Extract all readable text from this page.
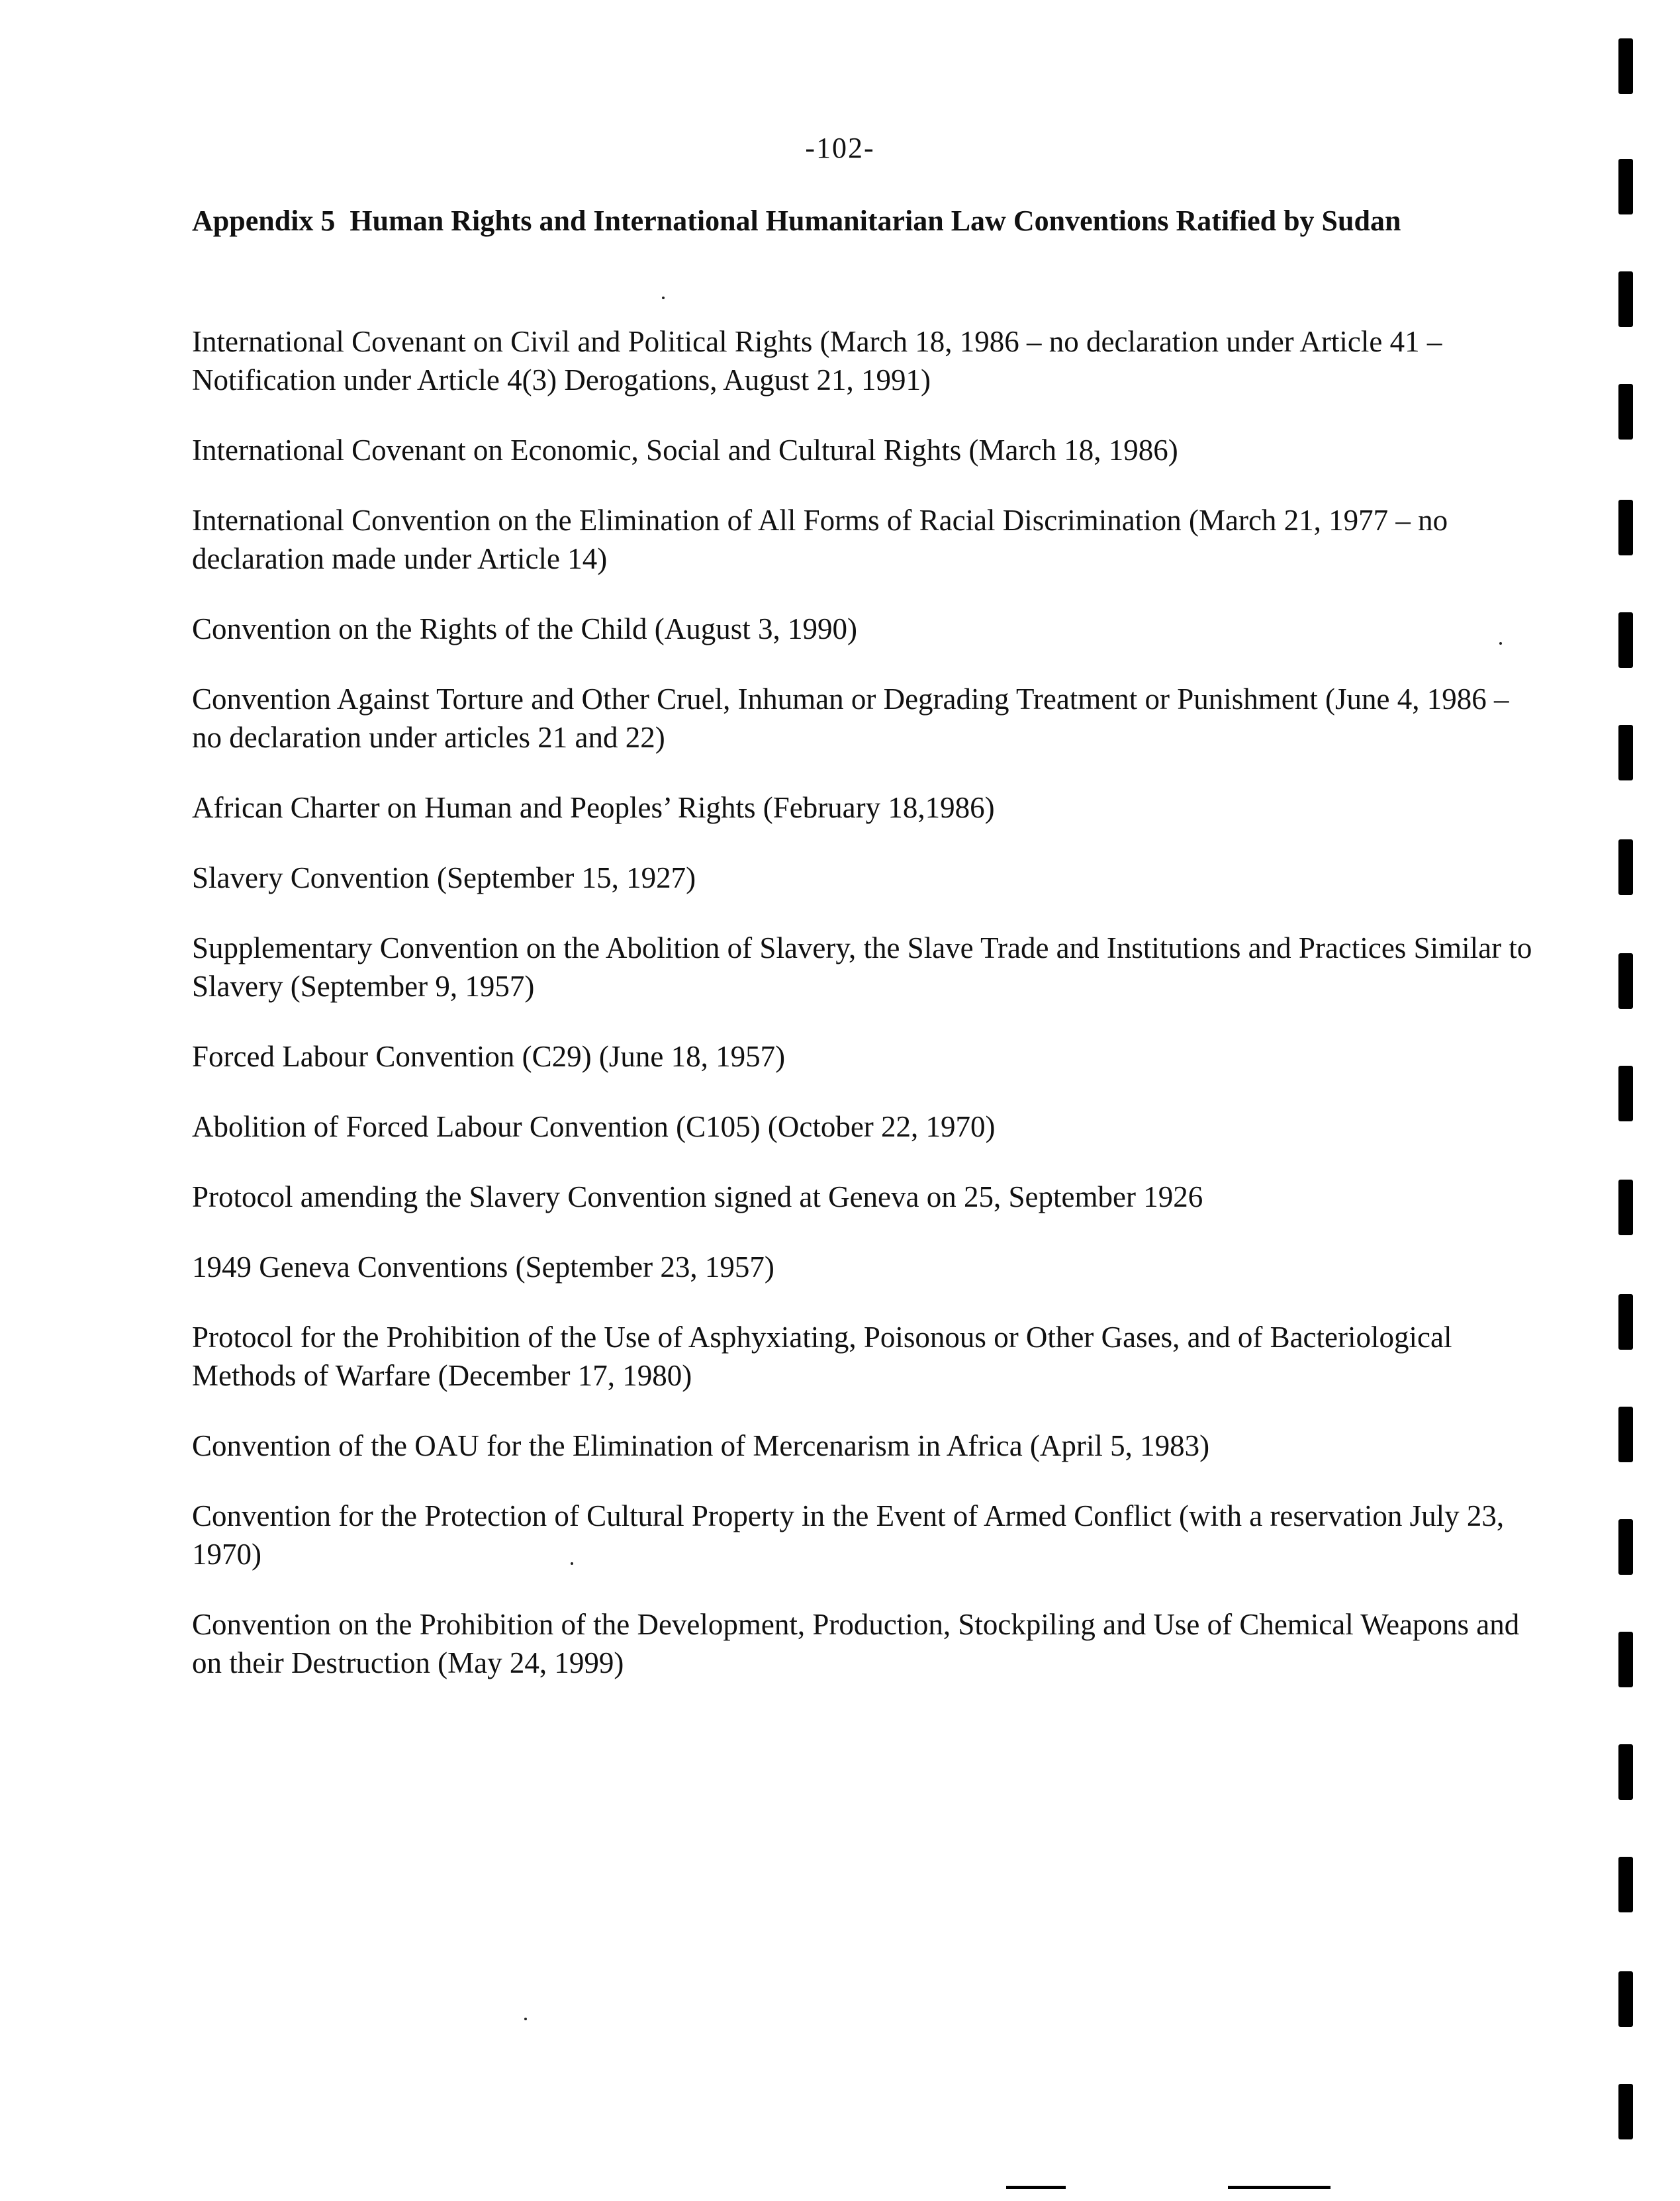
-102-
Appendix 5 Human Rights and International Humanitarian Law Conventions Ratified by Sudan
International Covenant on Civil and Political Rights (March 18, 1986 – no declaration under Article 41 – Notification under Article 4(3) Derogations, August 21, 1991)
International Covenant on Economic, Social and Cultural Rights (March 18, 1986)
International Convention on the Elimination of All Forms of Racial Discrimination (March 21, 1977 – no declaration made under Article 14)
Convention on the Rights of the Child (August 3, 1990)
Convention Against Torture and Other Cruel, Inhuman or Degrading Treatment or Punishment (June 4, 1986 – no declaration under articles 21 and 22)
African Charter on Human and Peoples’ Rights (February 18,1986)
Slavery Convention (September 15, 1927)
Supplementary Convention on the Abolition of Slavery, the Slave Trade and Institutions and Practices Similar to Slavery (September 9, 1957)
Forced Labour Convention (C29) (June 18, 1957)
Abolition of Forced Labour Convention (C105) (October 22, 1970)
Protocol amending the Slavery Convention signed at Geneva on 25, September 1926
1949 Geneva Conventions (September 23, 1957)
Protocol for the Prohibition of the Use of Asphyxiating, Poisonous or Other Gases, and of Bacteriological Methods of Warfare (December 17, 1980)
Convention of the OAU for the Elimination of Mercenarism in Africa (April 5, 1983)
Convention for the Protection of Cultural Property in the Event of Armed Conflict (with a reservation July 23, 1970)
Convention on the Prohibition of the Development, Production, Stockpiling and Use of Chemical Weapons and on their Destruction (May 24, 1999)
